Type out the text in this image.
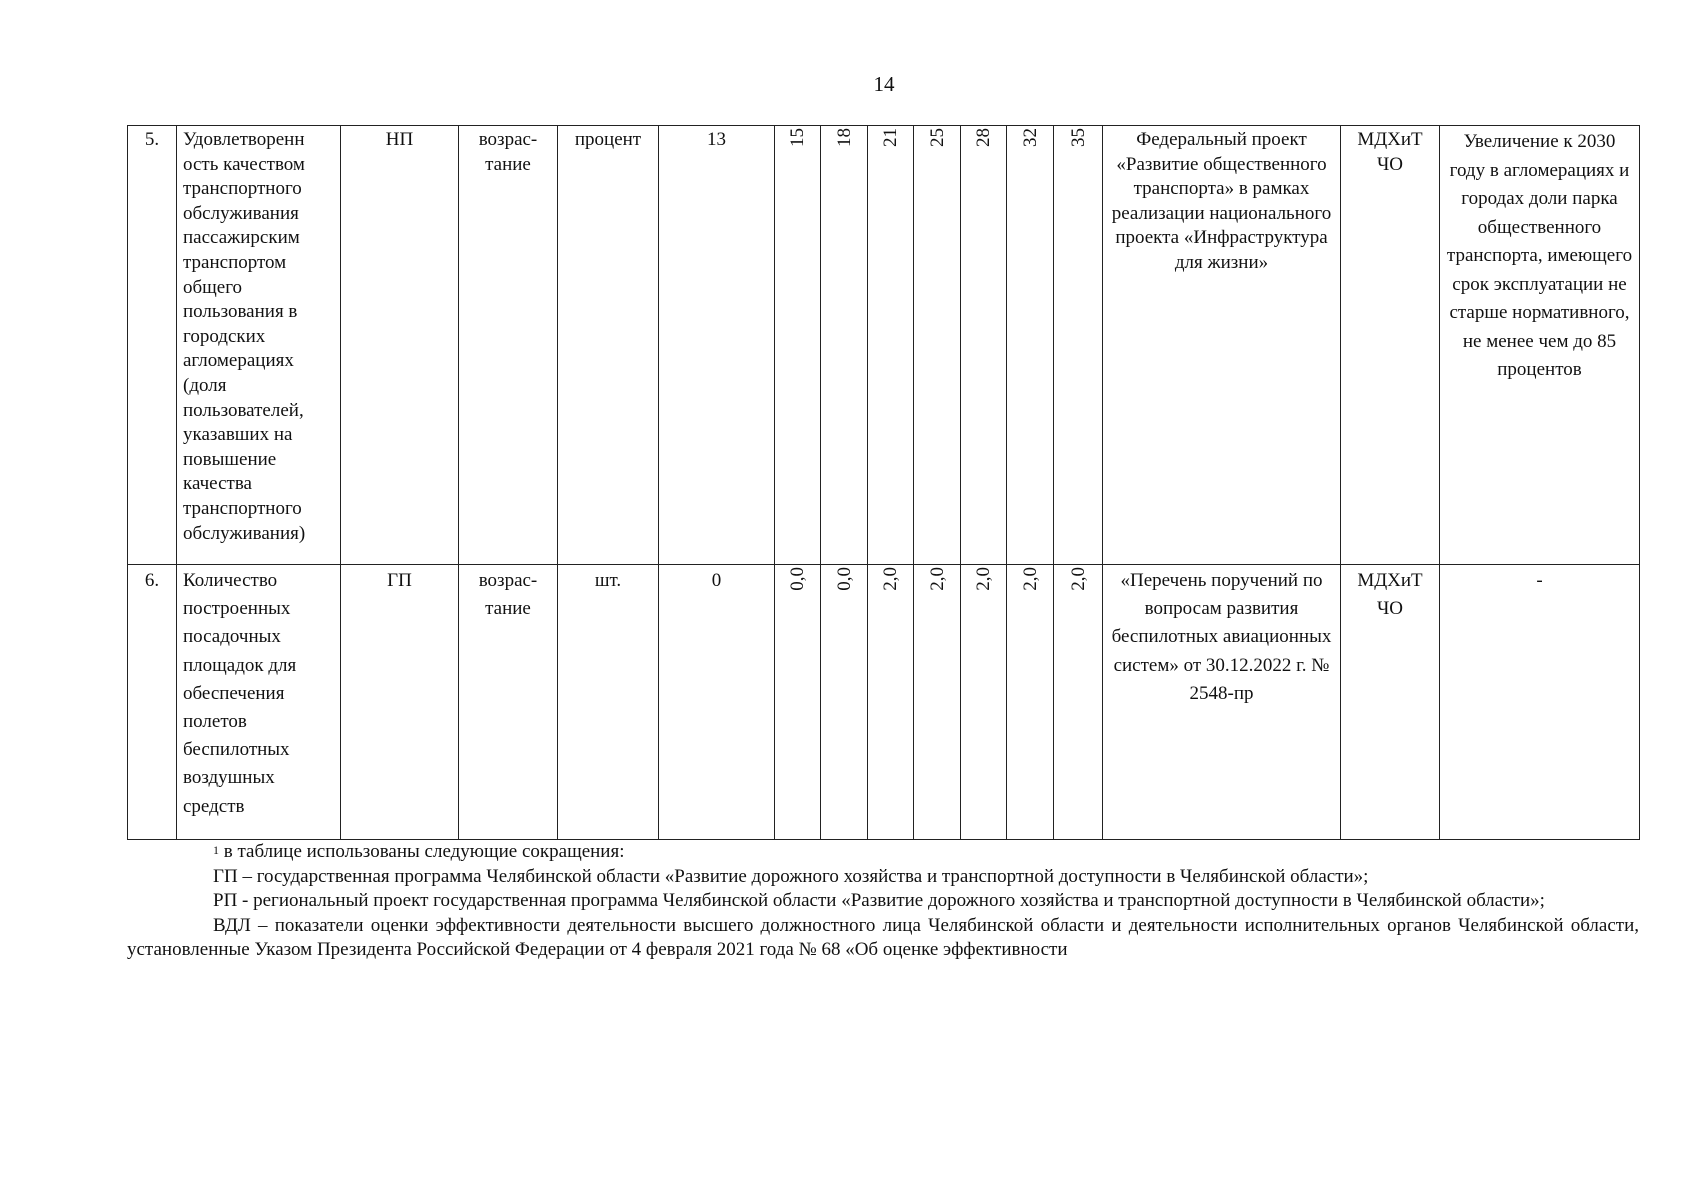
14
5.	Удовлетворенн ость качеством транспортного обслуживания пассажирским транспортом общего пользования в городских агломерациях (доля пользователей, указавших на повышение качества транспортного обслуживания)	НП	возрас-тание	процент	13	15	18	21	25	28	32	35	Федеральный проект «Развитие общественного транспорта» в рамках реализации национального проекта «Инфраструктура для жизни»	МДХиТ ЧО	Увеличение к 2030 году в агломерациях и городах доли парка общественного транспорта, имеющего срок эксплуатации не старше нормативного, не менее чем до 85 процентов
6.	Количество построенных посадочных площадок для обеспечения полетов беспилотных воздушных средств	ГП	возрас-тание	шт.	0	0,0	0,0	2,0	2,0	2,0	2,0	2,0	«Перечень поручений по вопросам развития беспилотных авиационных систем» от 30.12.2022 г. № 2548-пр	МДХиТ ЧО	-

$^1$ в таблице использованы следующие сокращения:

ГП – государственная программа Челябинской области «Развитие дорожного хозяйства и транспортной доступности в Челябинской области»;

РП - региональный проект государственная программа Челябинской области «Развитие дорожного хозяйства и транспортной доступности в Челябинской области»;

ВДЛ – показатели оценки эффективности деятельности высшего должностного лица Челябинской области и деятельности исполнительных органов Челябинской области, установленные Указом Президента Российской Федерации от 4 февраля 2021 года № 68 «Об оценке эффективности
